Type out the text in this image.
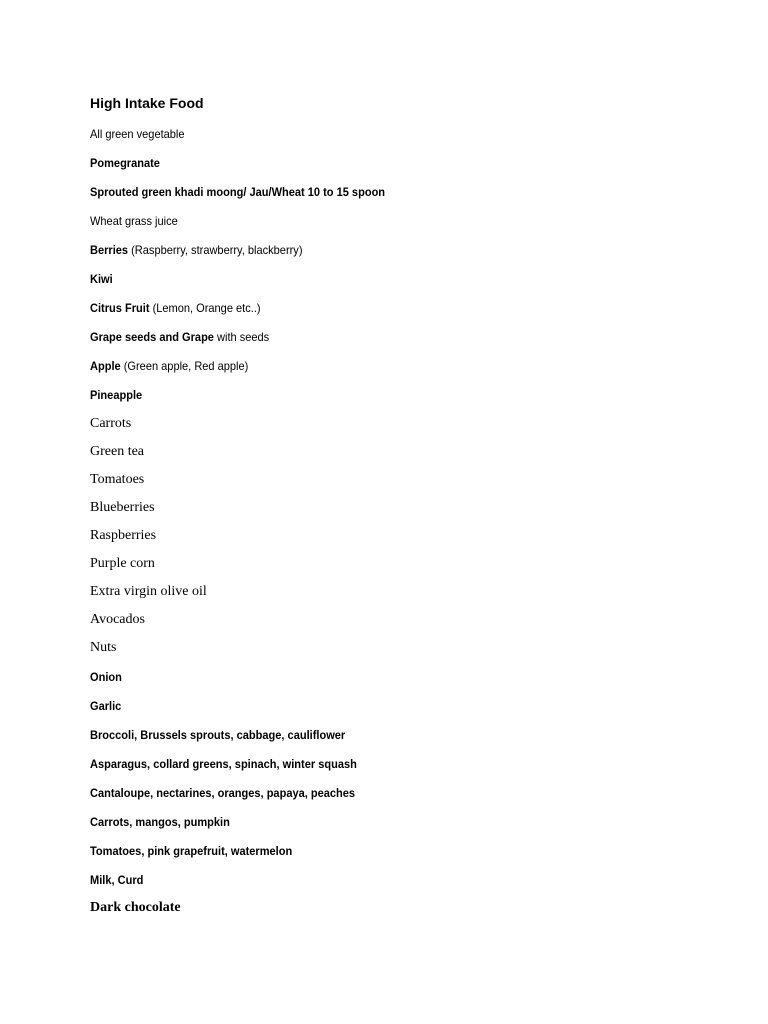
High Intake Food
All green vegetable
Pomegranate
Sprouted green khadi moong/ Jau/Wheat 10 to 15 spoon
Wheat grass juice
Berries (Raspberry, strawberry, blackberry)
Kiwi
Citrus Fruit (Lemon, Orange etc..)
Grape seeds and Grape with seeds
Apple (Green apple, Red apple)
Pineapple
Carrots
Green tea
Tomatoes
Blueberries
Raspberries
Purple corn
Extra virgin olive oil
Avocados
Nuts
Onion
Garlic
Broccoli, Brussels sprouts, cabbage, cauliflower
Asparagus, collard greens, spinach, winter squash
Cantaloupe, nectarines, oranges, papaya, peaches
Carrots, mangos, pumpkin
Tomatoes, pink grapefruit, watermelon
Milk, Curd
Dark chocolate
